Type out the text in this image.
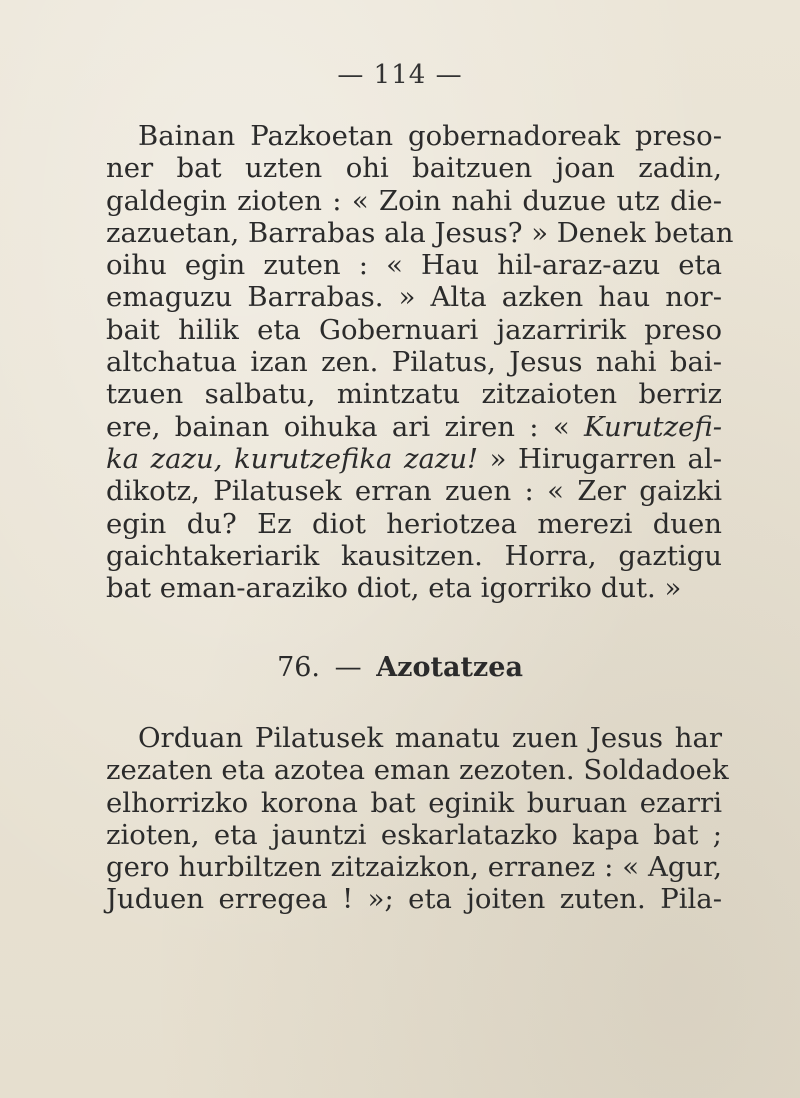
— 114 —
Bainan Pazkoetan gobernadoreak preso-
ner bat uzten ohi baitzuen joan zadin,
galdegin zioten : « Zoin nahi duzue utz die-
zazuetan, Barrabas ala Jesus? » Denek betan
oihu egin zuten : « Hau hil-araz-azu eta
emaguzu Barrabas. » Alta azken hau nor-
bait hilik eta Gobernuari jazarririk preso
altchatua izan zen. Pilatus, Jesus nahi bai-
tzuen salbatu, mintzatu zitzaioten berriz
ere, bainan oihuka ari ziren : « Kurutzefi-
ka zazu, kurutzefika zazu! » Hirugarren al-
dikotz, Pilatusek erran zuen : « Zer gaizki
egin du? Ez diot heriotzea merezi duen
gaichtakeriarik kausitzen. Horra, gaztigu
bat eman-araziko diot, eta igorriko dut. »
76. — Azotatzea
Orduan Pilatusek manatu zuen Jesus har
zezaten eta azotea eman zezoten. Soldadoek
elhorrizko korona bat eginik buruan ezarri
zioten, eta jauntzi eskarlatazko kapa bat ;
gero hurbiltzen zitzaizkon, erranez : « Agur,
Juduen erregea ! »; eta joiten zuten. Pila-
